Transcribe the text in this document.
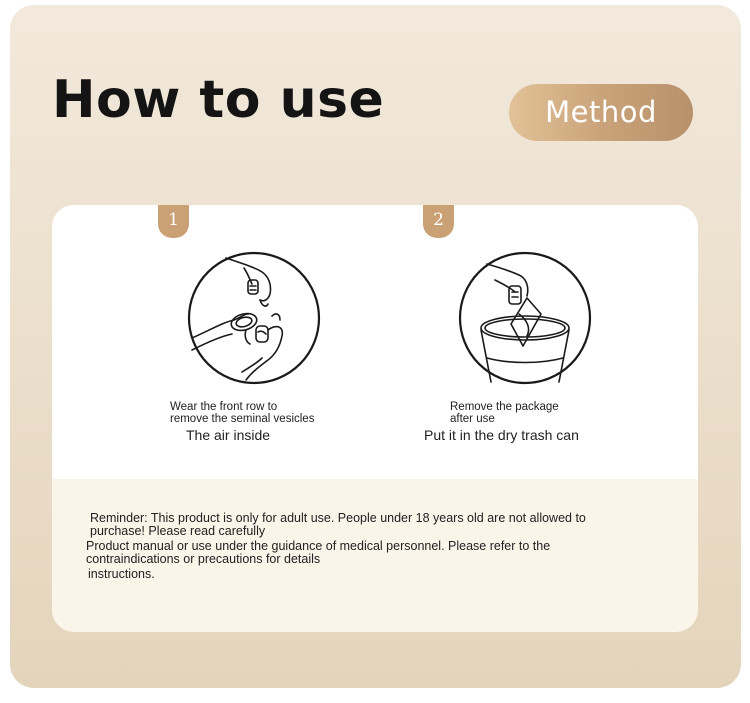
How to use	Method
1
Wear the front row to
remove the seminal vesicles
The air inside
2
Remove the package
after use
Put it in the dry trash can

Reminder: This product is only for adult use. People under 18 years old are not allowed to

purchase! Please read carefully

Product manual or use under the guidance of medical personnel. Please refer to the

contraindications or precautions for details

instructions.
